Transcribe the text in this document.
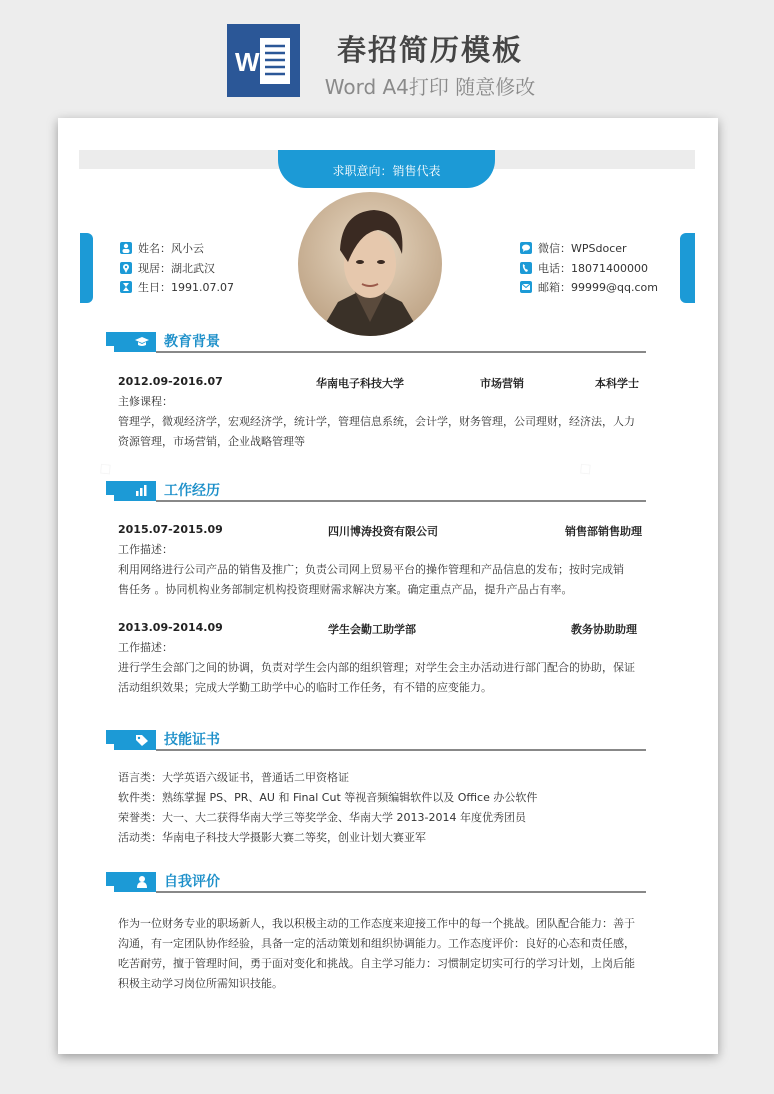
W	春招简历模板
Word A4打印 随意修改
求职意向：销售代表
姓名：风小云
现居：湖北武汉
生日：1991.07.07
微信：WPSdocer
电话：18071400000
邮箱：99999@qq.com
教育背景
2012.09-2016.07	华南电子科技大学	市场营销	本科学士
主修课程：
管理学，微观经济学，宏观经济学，统计学，管理信息系统，会计学，财务管理，公司理财，经济法，人力
资源管理，市场营销，企业战略管理等
工作经历
2015.07-2015.09	四川博涛投资有限公司	销售部销售助理
工作描述：
利用网络进行公司产品的销售及推广；负责公司网上贸易平台的操作管理和产品信息的发布；按时完成销
售任务 。协同机构业务部制定机构投资理财需求解决方案。确定重点产品，提升产品占有率。
2013.09-2014.09	学生会勤工助学部	教务协助助理
工作描述：
进行学生会部门之间的协调，负责对学生会内部的组织管理；对学生会主办活动进行部门配合的协助，保证
活动组织效果；完成大学勤工助学中心的临时工作任务，有不错的应变能力。
技能证书
语言类：大学英语六级证书，普通话二甲资格证
软件类：熟练掌握 PS、PR、AU 和 Final Cut 等视音频编辑软件以及 Office 办公软件
荣誉类：大一、大二获得华南大学三等奖学金、华南大学 2013-2014 年度优秀团员
活动类：华南电子科技大学摄影大赛二等奖，创业计划大赛亚军
自我评价
作为一位财务专业的职场新人，我以积极主动的工作态度来迎接工作中的每一个挑战。团队配合能力：善于
沟通，有一定团队协作经验，具备一定的活动策划和组织协调能力。工作态度评价：良好的心态和责任感，
吃苦耐劳，擅于管理时间，勇于面对变化和挑战。自主学习能力：习惯制定切实可行的学习计划，上岗后能
积极主动学习岗位所需知识技能。
